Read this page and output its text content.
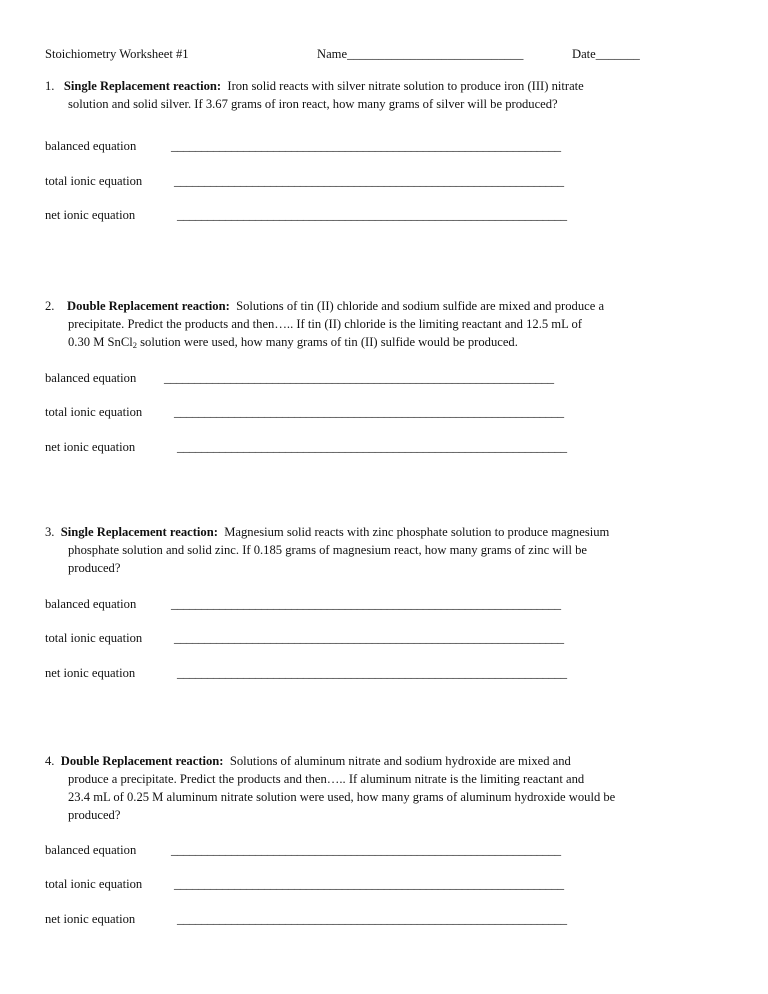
Stoichiometry Worksheet #1	Name____________________________	Date_______
1. Single Replacement reaction: Iron solid reacts with silver nitrate solution to produce iron (III) nitrate
solution and solid silver. If 3.67 grams of iron react, how many grams of silver will be produced?
balanced equation	_________________________________________________________________
total ionic equation	_________________________________________________________________
net ionic equation	_________________________________________________________________
2. Double Replacement reaction: Solutions of tin (II) chloride and sodium sulfide are mixed and produce a
precipitate. Predict the products and then….. If tin (II) chloride is the limiting reactant and 12.5 mL of
0.30 M SnCl$_2$ solution were used, how many grams of tin (II) sulfide would be produced.
balanced equation _________________________________________________________________
total ionic equation	_________________________________________________________________
net ionic equation	_________________________________________________________________
3. Single Replacement reaction: Magnesium solid reacts with zinc phosphate solution to produce magnesium
phosphate solution and solid zinc. If 0.185 grams of magnesium react, how many grams of zinc will be
produced?
balanced equation	_________________________________________________________________
total ionic equation	_________________________________________________________________
net ionic equation	_________________________________________________________________
4. Double Replacement reaction: Solutions of aluminum nitrate and sodium hydroxide are mixed and
produce a precipitate. Predict the products and then….. If aluminum nitrate is the limiting reactant and
23.4 mL of 0.25 M aluminum nitrate solution were used, how many grams of aluminum hydroxide would be
produced?
balanced equation	_________________________________________________________________
total ionic equation	_________________________________________________________________
net ionic equation	_________________________________________________________________
